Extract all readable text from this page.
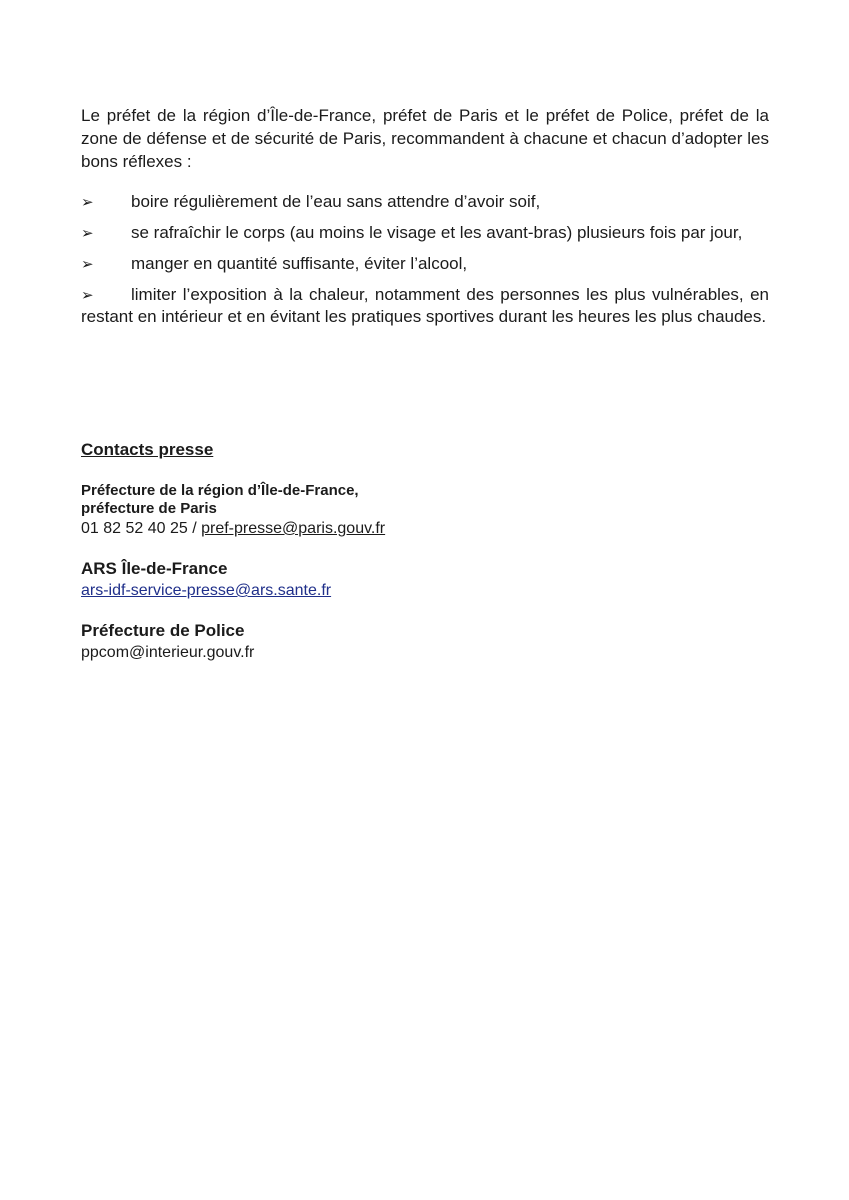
Le préfet de la région d’Île-de-France, préfet de Paris et le préfet de Police, préfet de la zone de défense et de sécurité de Paris, recommandent à chacune et chacun d’adopter les bons réflexes :

➢ boire régulièrement de l’eau sans attendre d’avoir soif,
➢ se rafraîchir le corps (au moins le visage et les avant-bras) plusieurs fois par jour,
➢ manger en quantité suffisante, éviter l’alcool,
➢ limiter l’exposition à la chaleur, notamment des personnes les plus vulnérables, en restant en intérieur et en évitant les pratiques sportives durant les heures les plus chaudes.
Contacts presse
Préfecture de la région d’Île-de-France,
préfecture de Paris
01 82 52 40 25 / pref-presse@paris.gouv.fr
ARS Île-de-France
ars-idf-service-presse@ars.sante.fr
Préfecture de Police
ppcom@interieur.gouv.fr
